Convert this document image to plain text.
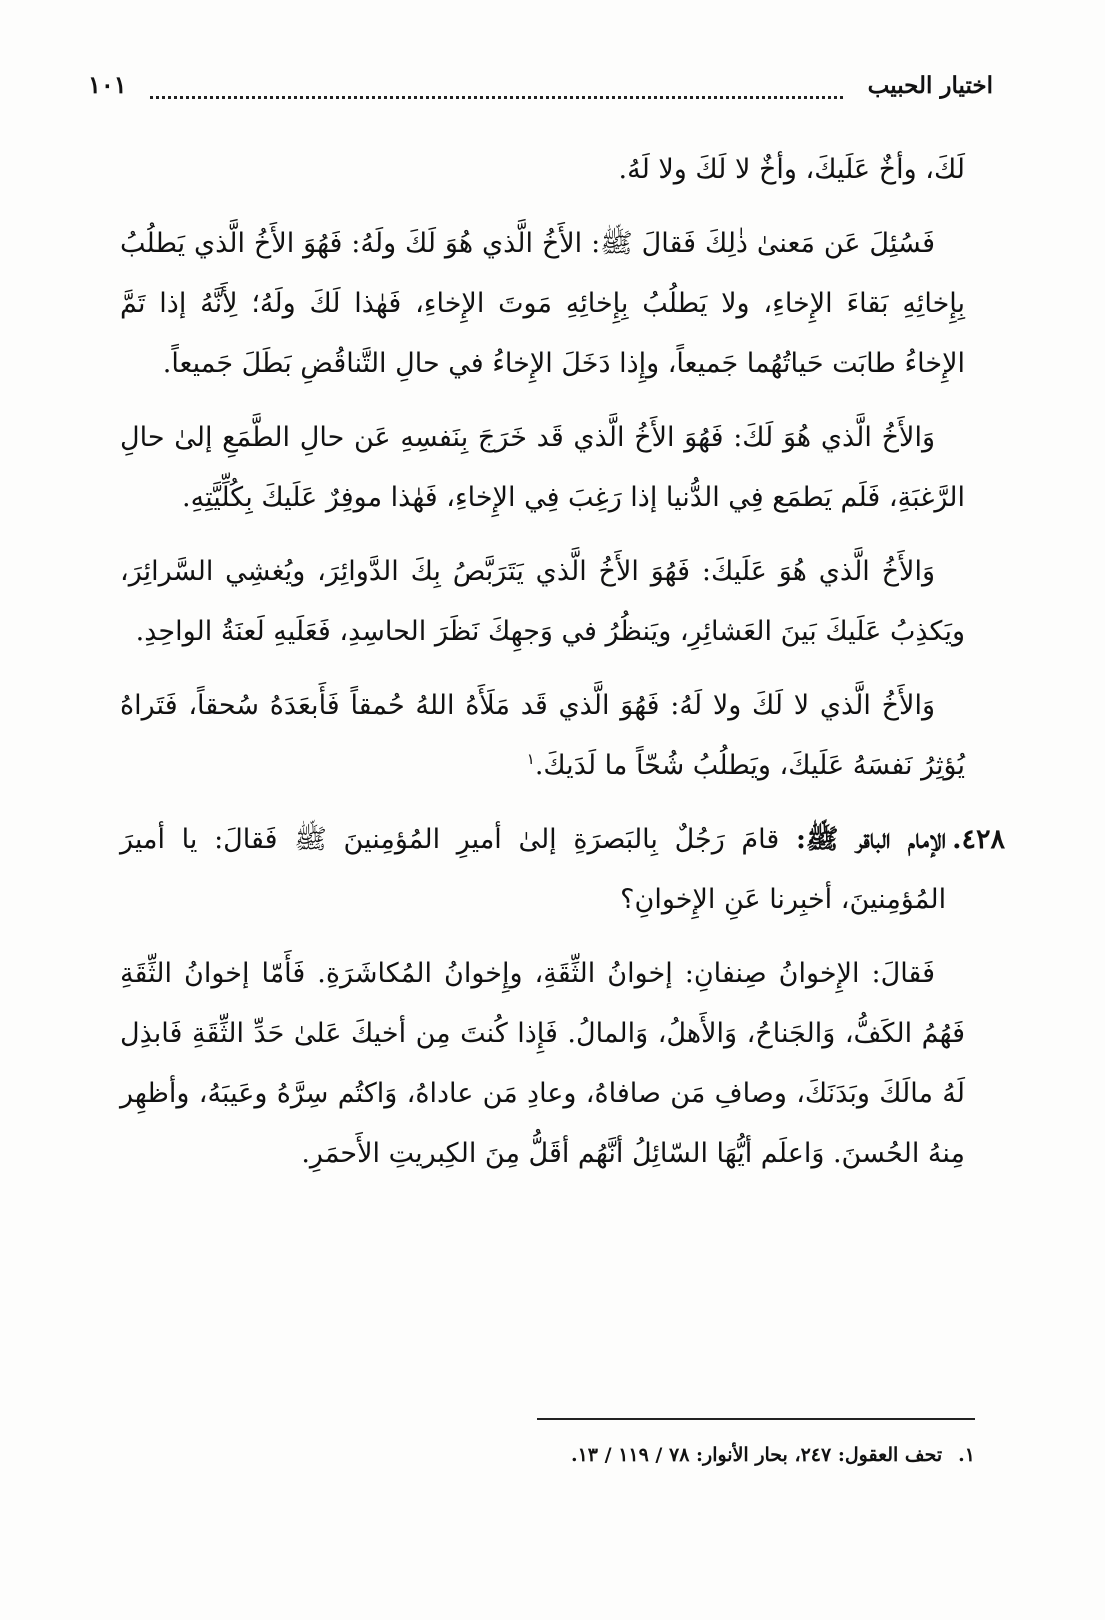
اختيار الحبيب
١٠١

لَكَ، وأخٌ عَلَيكَ، وأخٌ لا لَكَ ولا لَهُ.

فَسُئِلَ عَن مَعنىٰ ذٰلِكَ فَقالَ ﷺ: الأَخُ الَّذي هُوَ لَكَ ولَهُ: فَهُوَ الأَخُ الَّذي يَطلُبُ بِإِخائِهِ بَقاءَ الإِخاءِ، ولا يَطلُبُ بِإِخائِهِ مَوتَ الإِخاءِ، فَهٰذا لَكَ ولَهُ؛ لِأَنَّهُ إذا تَمَّ الإِخاءُ طابَت حَياتُهُما جَميعاً، وإِذا دَخَلَ الإِخاءُ في حالِ التَّناقُضِ بَطَلَ جَميعاً.

وَالأَخُ الَّذي هُوَ لَكَ: فَهُوَ الأَخُ الَّذي قَد خَرَجَ بِنَفسِهِ عَن حالِ الطَّمَعِ إلىٰ حالِ الرَّغبَةِ، فَلَم يَطمَع فِي الدُّنيا إذا رَغِبَ فِي الإِخاءِ، فَهٰذا موفِرٌ عَلَيكَ بِكُلِّيَّتِهِ.

وَالأَخُ الَّذي هُوَ عَلَيكَ: فَهُوَ الأَخُ الَّذي يَتَرَبَّصُ بِكَ الدَّوائِرَ، ويُغشِي السَّرائِرَ، ويَكذِبُ عَلَيكَ بَينَ العَشائِرِ، ويَنظُرُ في وَجهِكَ نَظَرَ الحاسِدِ، فَعَلَيهِ لَعنَةُ الواحِدِ.

وَالأَخُ الَّذي لا لَكَ ولا لَهُ: فَهُوَ الَّذي قَد مَلَأَهُ اللهُ حُمقاً فَأَبعَدَهُ سُحقاً، فَتَراهُ يُؤثِرُ نَفسَهُ عَلَيكَ، ويَطلُبُ شُحّاً ما لَدَيكَ.$^١$

٤٢٨.

الإمام الباقر ﷺ: قامَ رَجُلٌ بِالبَصرَةِ إلىٰ أميرِ المُؤمِنينَ ﷺ فَقالَ: يا أميرَ المُؤمِنينَ، أخبِرنا عَنِ الإِخوانِ؟

فَقالَ: الإِخوانُ صِنفانِ: إخوانُ الثِّقَةِ، وإِخوانُ المُكاشَرَةِ. فَأَمّا إخوانُ الثِّقَةِ فَهُمُ الكَفُّ، وَالجَناحُ، وَالأَهلُ، وَالمالُ. فَإِذا كُنتَ مِن أخيكَ عَلىٰ حَدِّ الثِّقَةِ فَابذِل لَهُ مالَكَ وبَدَنَكَ، وصافِ مَن صافاهُ، وعادِ مَن عاداهُ، وَاكتُم سِرَّهُ وعَيبَهُ، وأظهِر مِنهُ الحُسنَ. وَاعلَم أيُّهَا السّائِلُ أنَّهُم أقَلُّ مِنَ الكِبريتِ الأَحمَرِ.

١.
تحف العقول: ٢٤٧، بحار الأنوار: ٧٨ / ١١٩ / ١٣.
